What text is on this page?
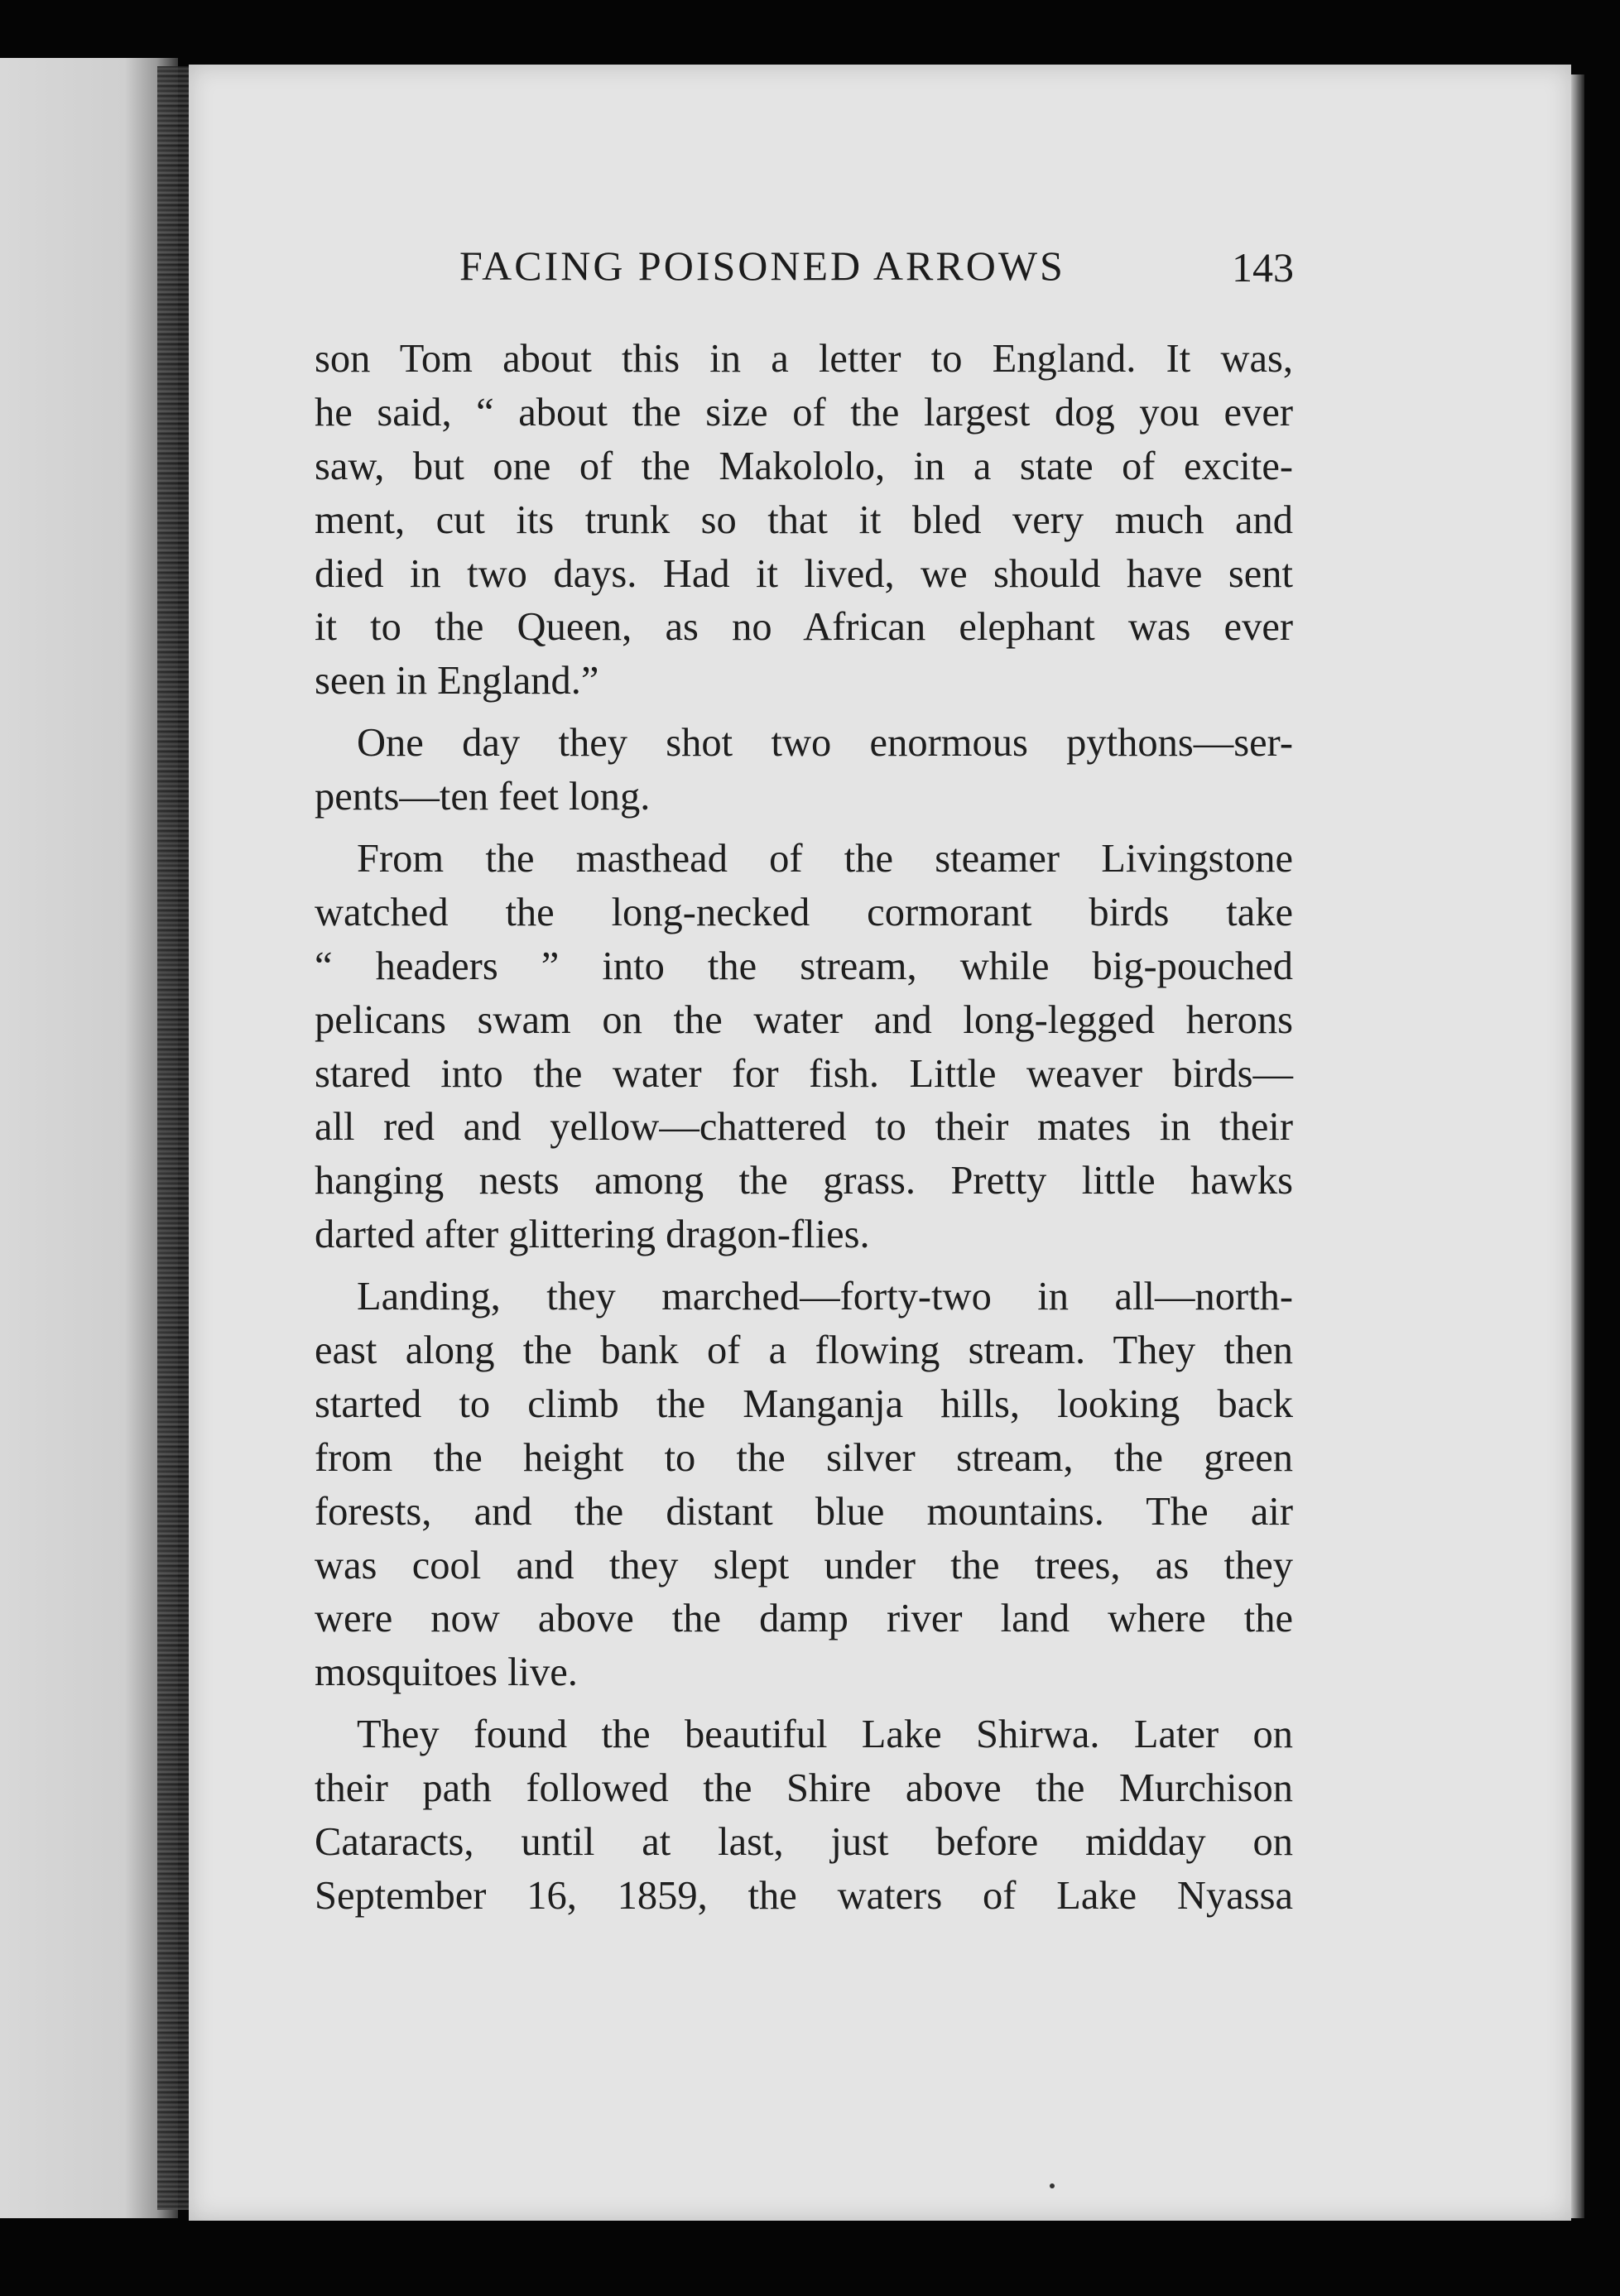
FACING POISONED ARROWS	143
son Tom about this in a letter to England. It was,
he said, “ about the size of the largest dog you ever
saw, but one of the Makololo, in a state of excite-
ment, cut its trunk so that it bled very much and
died in two days. Had it lived, we should have sent
it to the Queen, as no African elephant was ever
seen in England.”
One day they shot two enormous pythons—ser-
pents—ten feet long.
From the masthead of the steamer Livingstone
watched the long-necked cormorant birds take
“ headers ” into the stream, while big-pouched
pelicans swam on the water and long-legged herons
stared into the water for fish. Little weaver birds—
all red and yellow—chattered to their mates in their
hanging nests among the grass. Pretty little hawks
darted after glittering dragon-flies.
Landing, they marched—forty-two in all—north-
east along the bank of a flowing stream. They then
started to climb the Manganja hills, looking back
from the height to the silver stream, the green
forests, and the distant blue mountains. The air
was cool and they slept under the trees, as they
were now above the damp river land where the
mosquitoes live.
They found the beautiful Lake Shirwa. Later on
their path followed the Shire above the Murchison
Cataracts, until at last, just before midday on
September 16, 1859, the waters of Lake Nyassa
